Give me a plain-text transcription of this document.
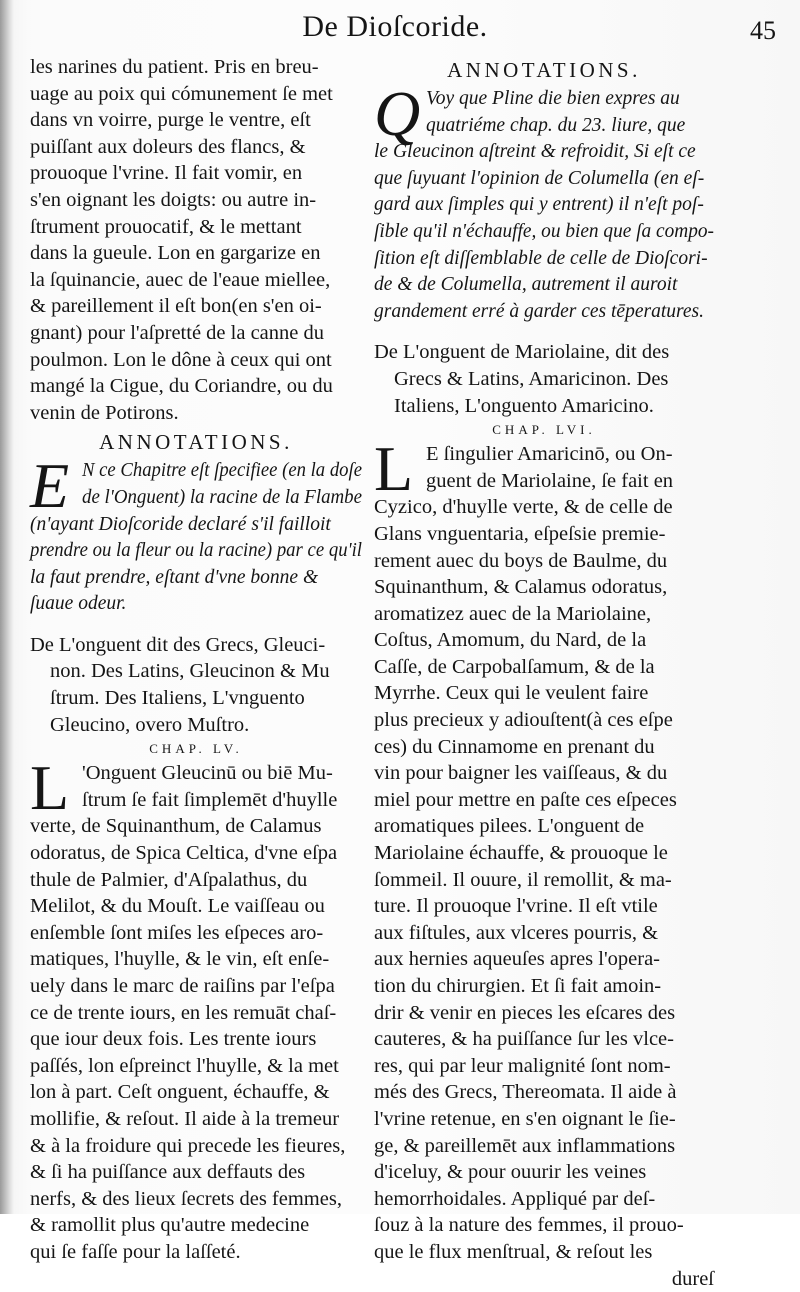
De Dioſcoride.	45
les narines du patient. Pris en breu-
uage au poix qui cómunement ſe met
dans vn voirre, purge le ventre, eſt
puiſſant aux doleurs des flancs, &
prouoque l'vrine. Il fait vomir, en
s'en oignant les doigts: ou autre in-
ſtrument prouocatif, & le mettant
dans la gueule. Lon en gargarize en
la ſquinancie, auec de l'eaue miellee,
& pareillement il eſt bon(en s'en oi-
gnant) pour l'aſpretté de la canne du
poulmon. Lon le dône à ceux qui ont
mangé la Cigue, du Coriandre, ou du
venin de Potirons.
ANNOTATIONS.
E N ce Chapitre eſt ſpecifiee (en la doſe
de l'Onguent) la racine de la Flambe
(n'ayant Dioſcoride declaré s'il failloit
prendre ou la fleur ou la racine) par ce qu'il
la faut prendre, eſtant d'vne bonne &
ſuaue odeur.
De L'onguent dit des Grecs, Gleuci-
non. Des Latins, Gleucinon & Mu
ſtrum. Des Italiens, L'vnguento
Gleucino, overo Muſtro.
CHAP. LV.
L 'Onguent Gleucinū ou biē Mu-
ſtrum ſe fait ſimplemēt d'huylle
verte, de Squinanthum, de Calamus
odoratus, de Spica Celtica, d'vne eſpa
thule de Palmier, d'Aſpalathus, du
Melilot, & du Mouſt. Le vaiſſeau ou
enſemble ſont miſes les eſpeces aro-
matiques, l'huylle, & le vin, eſt enſe-
uely dans le marc de raiſins par l'eſpa
ce de trente iours, en les remuāt chaſ-
que iour deux fois. Les trente iours
paſſés, lon eſpreinct l'huylle, & la met
lon à part. Ceſt onguent, échauffe, &
mollifie, & reſout. Il aide à la tremeur
& à la froidure qui precede les fieures,
& ſi ha puiſſance aux deffauts des
nerfs, & des lieux ſecrets des femmes,
& ramollit plus qu'autre medecine
qui ſe faſſe pour la laſſeté.
ANNOTATIONS.
Q Voy que Pline die bien expres au
quatriéme chap. du 23. liure, que
le Gleucinon aſtreint & refroidit, Si eſt ce
que ſuyuant l'opinion de Columella (en eſ-
gard aux ſimples qui y entrent) il n'eſt poſ-
ſible qu'il n'échauffe, ou bien que ſa compo-
ſition eſt diſſemblable de celle de Dioſcori-
de & de Columella, autrement il auroit
grandement erré à garder ces tēperatures.
De L'onguent de Mariolaine, dit des
Grecs & Latins, Amaricinon. Des
Italiens, L'onguento Amaricino.
CHAP. LVI.
L E ſingulier Amaricinō, ou On-
guent de Mariolaine, ſe fait en
Cyzico, d'huylle verte, & de celle de
Glans vnguentaria, eſpeſsie premie-
rement auec du boys de Baulme, du
Squinanthum, & Calamus odoratus,
aromatizez auec de la Mariolaine,
Coſtus, Amomum, du Nard, de la
Caſſe, de Carpobalſamum, & de la
Myrrhe. Ceux qui le veulent faire
plus precieux y adiouſtent(à ces eſpe
ces) du Cinnamome en prenant du
vin pour baigner les vaiſſeaus, & du
miel pour mettre en paſte ces eſpeces
aromatiques pilees. L'onguent de
Mariolaine échauffe, & prouoque le
ſommeil. Il ouure, il remollit, & ma-
ture. Il prouoque l'vrine. Il eſt vtile
aux fiſtules, aux vlceres pourris, &
aux hernies aqueuſes apres l'opera-
tion du chirurgien. Et ſi fait amoin-
drir & venir en pieces les eſcares des
cauteres, & ha puiſſance ſur les vlce-
res, qui par leur malignité ſont nom-
més des Grecs, Thereomata. Il aide à
l'vrine retenue, en s'en oignant le ſie-
ge, & pareillemēt aux inflammations
d'iceluy, & pour ouurir les veines
hemorrhoidales. Appliqué par deſ-
ſouz à la nature des femmes, il prouo-
que le flux menſtrual, & reſout les
dureſ
